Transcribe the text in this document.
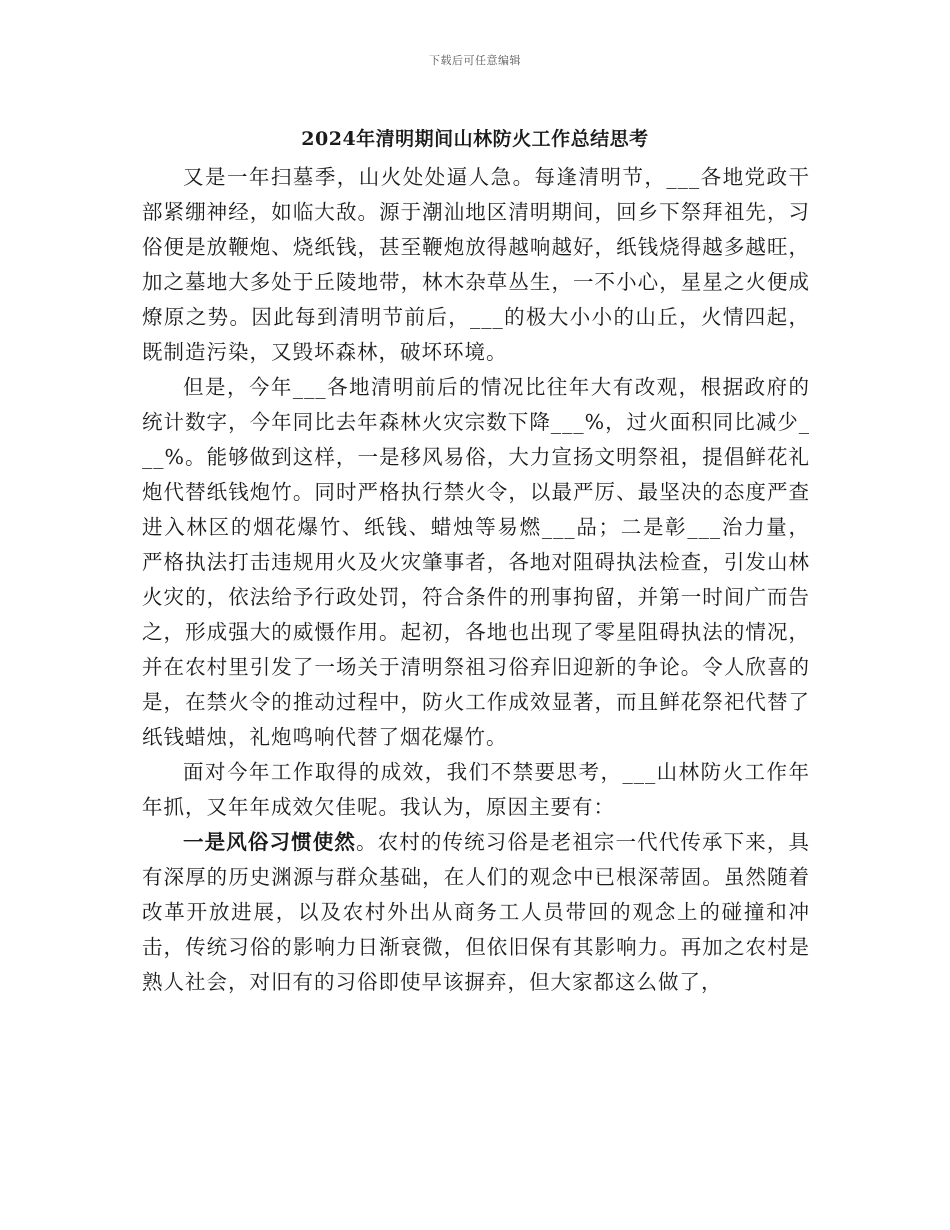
下载后可任意编辑
2024年清明期间山林防火工作总结思考

又是一年扫墓季，山火处处逼人急。每逢清明节，___各地党政干部紧绷神经，如临大敌。源于潮汕地区清明期间，回乡下祭拜祖先，习俗便是放鞭炮、烧纸钱，甚至鞭炮放得越响越好，纸钱烧得越多越旺，加之墓地大多处于丘陵地带，林木杂草丛生，一不小心，星星之火便成燎原之势。因此每到清明节前后，___的极大小小的山丘，火情四起，既制造污染，又毁坏森林，破坏环境。

但是，今年___各地清明前后的情况比往年大有改观，根据政府的统计数字，今年同比去年森林火灾宗数下降___%，过火面积同比减少___%。能够做到这样，一是移风易俗，大力宣扬文明祭祖，提倡鲜花礼炮代替纸钱炮竹。同时严格执行禁火令，以最严厉、最坚决的态度严查进入林区的烟花爆竹、纸钱、蜡烛等易燃___品；二是彰___治力量，严格执法打击违规用火及火灾肇事者，各地对阻碍执法检查，引发山林火灾的，依法给予行政处罚，符合条件的刑事拘留，并第一时间广而告之，形成强大的威慑作用。起初，各地也出现了零星阻碍执法的情况，并在农村里引发了一场关于清明祭祖习俗弃旧迎新的争论。令人欣喜的是，在禁火令的推动过程中，防火工作成效显著，而且鲜花祭祀代替了纸钱蜡烛，礼炮鸣响代替了烟花爆竹。

面对今年工作取得的成效，我们不禁要思考，___山林防火工作年年抓，又年年成效欠佳呢。我认为，原因主要有：

一是风俗习惯使然。农村的传统习俗是老祖宗一代代传承下来，具有深厚的历史渊源与群众基础，在人们的观念中已根深蒂固。虽然随着改革开放进展，以及农村外出从商务工人员带回的观念上的碰撞和冲击，传统习俗的影响力日渐衰微，但依旧保有其影响力。再加之农村是熟人社会，对旧有的习俗即使早该摒弃，但大家都这么做了，
